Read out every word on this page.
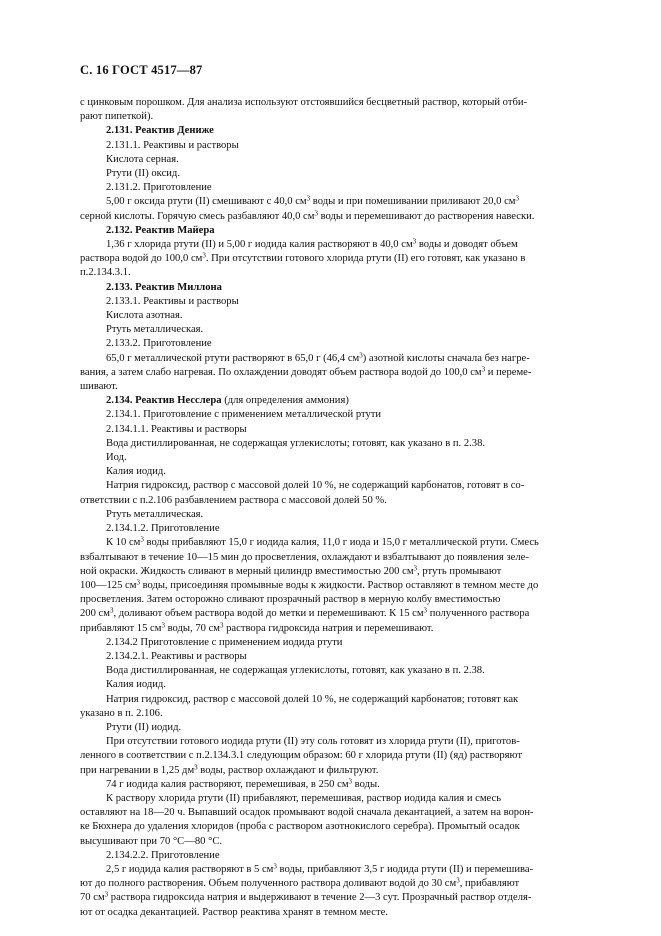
С. 16 ГОСТ 4517—87
с цинковым порошком. Для анализа используют отстоявшийся бесцветный раствор, который отби-
рают пипеткой).
2.131. Реактив Дениже
2.131.1. Реактивы и растворы
Кислота серная.
Ртути (II) оксид.
2.131.2. Приготовление
5,00 г оксида ртути (II) смешивают с 40,0 $см^3$ воды и при помешивании приливают 20,0 $см^3$
серной кислоты. Горячую смесь разбавляют 40,0 $см^3$ воды и перемешивают до растворения навески.
2.132. Реактив Майера
1,36 г хлорида ртути (II) и 5,00 г иодида калия растворяют в 40,0 $см^3$ воды и доводят объем
раствора водой до 100,0 $см^3$. При отсутствии готового хлорида ртути (II) его готовят, как указано в
п.2.134.3.1.
2.133. Реактив Миллона
2.133.1. Реактивы и растворы
Кислота азотная.
Ртуть металлическая.
2.133.2. Приготовление
65,0 г металлической ртути растворяют в 65,0 г (46,4 $см^3$) азотной кислоты сначала без нагре-
вания, а затем слабо нагревая. По охлаждении доводят объем раствора водой до 100,0 $см^3$ и переме-
шивают.
2.134. Реактив Несслера (для определения аммония)
2.134.1. Приготовление с применением металлической ртути
2.134.1.1. Реактивы и растворы
Вода дистиллированная, не содержащая углекислоты; готовят, как указано в п. 2.38.
Иод.
Калия иодид.
Натрия гидроксид, раствор с массовой долей 10 %, не содержащий карбонатов, готовят в со-
ответствии с п.2.106 разбавлением раствора с массовой долей 50 %.
Ртуть металлическая.
2.134.1.2. Приготовление
К 10 $см^3$ воды прибавляют 15,0 г иодида калия, 11,0 г иода и 15,0 г металлической ртути. Смесь
взбалтывают в течение 10—15 мин до просветления, охлаждают и взбалтывают до появления зеле-
ной окраски. Жидкость сливают в мерный цилиндр вместимостью 200 $см^3$, ртуть промывают
100—125 $см^3$ воды, присоединяя промывные воды к жидкости. Раствор оставляют в темном месте до
просветления. Затем осторожно сливают прозрачный раствор в мерную колбу вместимостью
200 $см^3$, доливают объем раствора водой до метки и перемешивают. К 15 $см^3$ полученного раствора
прибавляют 15 $см^3$ воды, 70 $см^3$ раствора гидроксида натрия и перемешивают.
2.134.2 Приготовление с применением иодида ртути
2.134.2.1. Реактивы и растворы
Вода дистиллированная, не содержащая углекислоты, готовят, как указано в п. 2.38.
Калия иодид.
Натрия гидроксид, раствор с массовой долей 10 %, не содержащий карбонатов; готовят как
указано в п. 2.106.
Ртути (II) иодид.
При отсутствии готового иодида ртути (II) эту соль готовят из хлорида ртути (II), приготов-
ленного в соответствии с п.2.134.3.1 следующим образом: 60 г хлорида ртути (II) (яд) растворяют
при нагревании в 1,25 $дм^3$ воды, раствор охлаждают и фильтруют.
74 г иодида калия растворяют, перемешивая, в 250 $см^3$ воды.
К раствору хлорида ртути (II) прибавляют, перемешивая, раствор иодида калия и смесь
оставляют на 18—20 ч. Выпавший осадок промывают водой сначала декантацией, а затем на ворон-
ке Бюхнера до удаления хлоридов (проба с раствором азотнокислого серебра). Промытый осадок
высушивают при 70 °С—80 °С.
2.134.2.2. Приготовление
2,5 г иодида калия растворяют в 5 $см^3$ воды, прибавляют 3,5 г иодида ртути (II) и перемешива-
ют до полного растворения. Объем полученного раствора доливают водой до 30 $см^3$, прибавляют
70 $см^3$ раствора гидроксида натрия и выдерживают в течение 2—3 сут. Прозрачный раствор отделя-
ют от осадка декантацией. Раствор реактива хранят в темном месте.
